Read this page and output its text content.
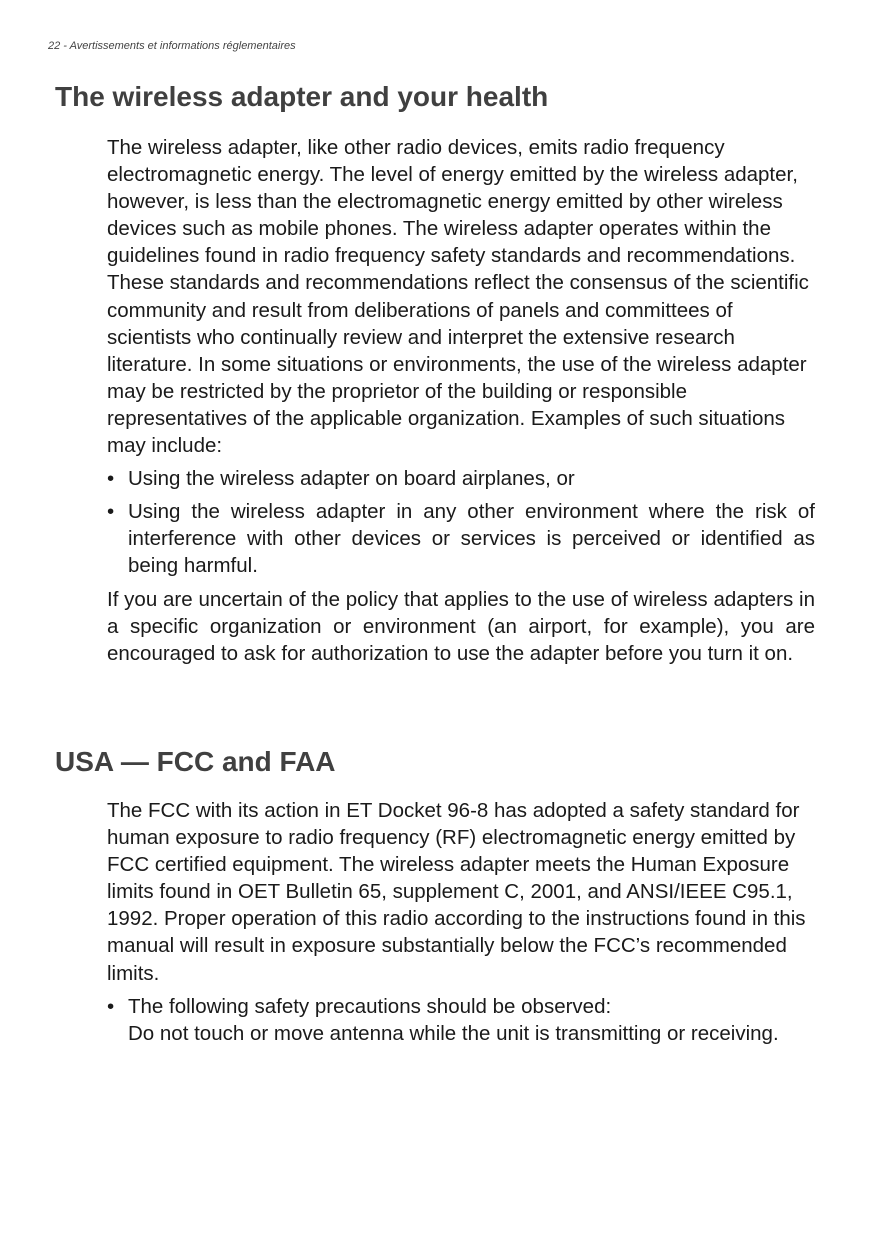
22 - Avertissements et informations réglementaires
The wireless adapter and your health

The wireless adapter, like other radio devices, emits radio frequency electromagnetic energy. The level of energy emitted by the wireless adapter, however, is less than the electromagnetic energy emitted by other wireless devices such as mobile phones. The wireless adapter operates within the guidelines found in radio frequency safety standards and recommendations. These standards and recommendations reflect the consensus of the scientific community and result from deliberations of panels and committees of scientists who continually review and interpret the extensive research literature. In some situations or environments, the use of the wireless adapter may be restricted by the proprietor of the building or responsible representatives of the applicable organization. Examples of such situations may include:

• Using the wireless adapter on board airplanes, or
• Using the wireless adapter in any other environment where the risk of interference with other devices or services is perceived or identified as being harmful.

If you are uncertain of the policy that applies to the use of wireless adapters in a specific organization or environment (an airport, for example), you are encouraged to ask for authorization to use the adapter before you turn it on.

USA — FCC and FAA

The FCC with its action in ET Docket 96-8 has adopted a safety standard for human exposure to radio frequency (RF) electromagnetic energy emitted by FCC certified equipment. The wireless adapter meets the Human Exposure limits found in OET Bulletin 65, supplement C, 2001, and ANSI/IEEE C95.1, 1992. Proper operation of this radio according to the instructions found in this manual will result in exposure substantially below the FCC’s recommended limits.

• The following safety precautions should be observed:
Do not touch or move antenna while the unit is transmitting or receiving.
